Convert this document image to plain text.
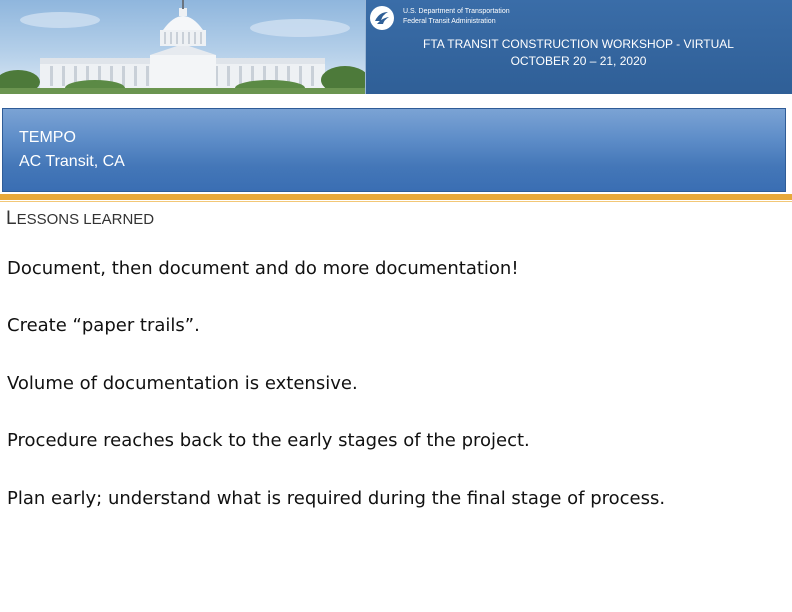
U.S. Department of Transportation
Federal Transit Administration
FTA TRANSIT CONSTRUCTION WORKSHOP - VIRTUAL
OCTOBER 20 – 21, 2020
TEMPO
AC Transit, CA
LESSONS LEARNED
Document, then document and do more documentation!
Create “paper trails”.
Volume of documentation is extensive.
Procedure reaches back to the early stages of the project.
Plan early; understand what is required during the final stage of process.
